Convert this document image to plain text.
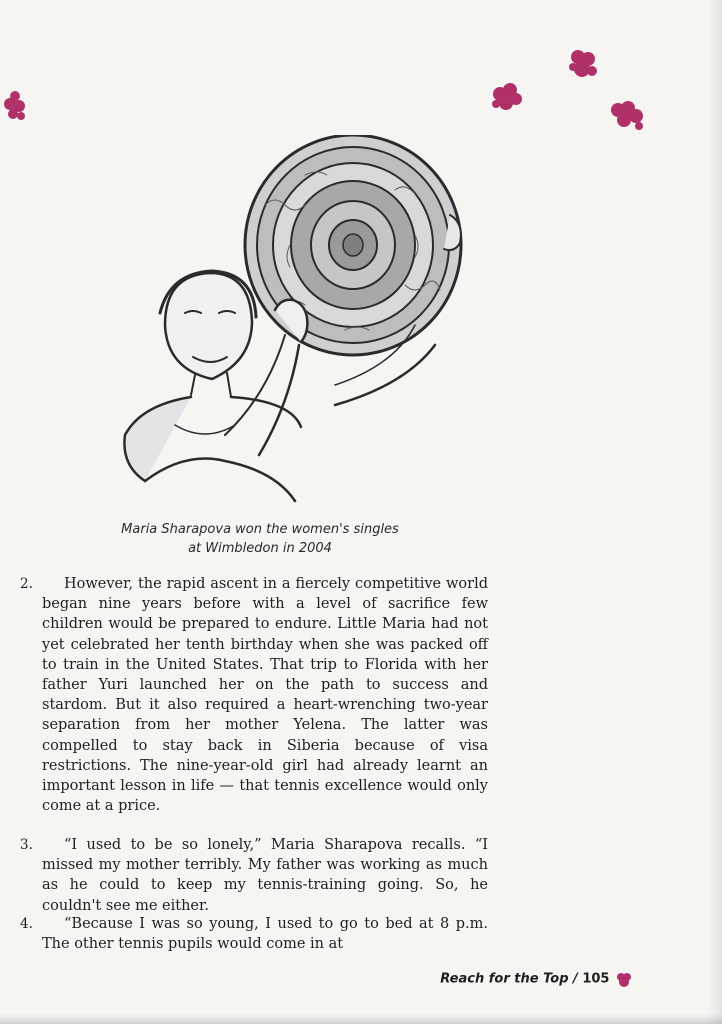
Maria Sharapova won the women's singles
at Wimbledon in 2004
2.	However, the rapid ascent in a fiercely competitive world began nine years before with a level of sacrifice few children would be prepared to endure. Little Maria had not yet celebrated her tenth birthday when she was packed off to train in the United States. That trip to Florida with her father Yuri launched her on the path to success and stardom. But it also required a heart-wrenching two-year separation from her mother Yelena. The latter was compelled to stay back in Siberia because of visa restrictions. The nine-year-old girl had already learnt an important lesson in life — that tennis excellence would only come at a price.
3.	“I used to be so lonely,” Maria Sharapova recalls. “I missed my mother terribly. My father was working as much as he could to keep my tennis-training going. So, he couldn't see me either.
4.	“Because I was so young, I used to go to bed at 8 p.m. The other tennis pupils would come in at
Reach for the Top / 105
